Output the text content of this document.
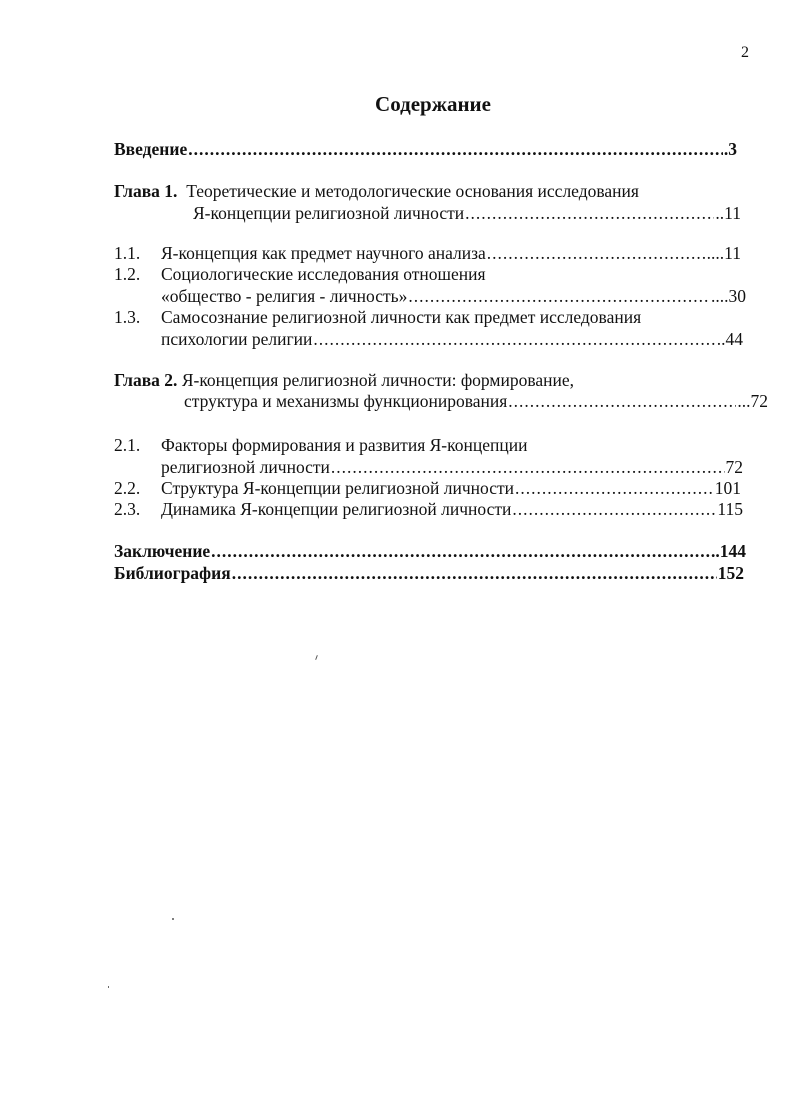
2
Содержание
Введение .....	.3
Глава 1. Теоретические и методологические основания исследования
Я-концепции религиозной личности .....	..11
1.1. Я-концепция как предмет научного анализа .....	....11
1.2. Социологические исследования отношения
«общество - религия - личность» .....	....30
1.3. Самосознание религиозной личности как предмет исследования
психологии религии .....	..44
Глава 2. Я-концепция религиозной личности: формирование,
структура и механизмы функционирования .....	...72
2.1. Факторы формирования и развития Я-концепции
религиозной личности .....	72
2.2. Структура Я-концепции религиозной личности .....	101
2.3. Динамика Я-концепции религиозной личности .....	115
Заключение .....	..144
Библиография .....	152
